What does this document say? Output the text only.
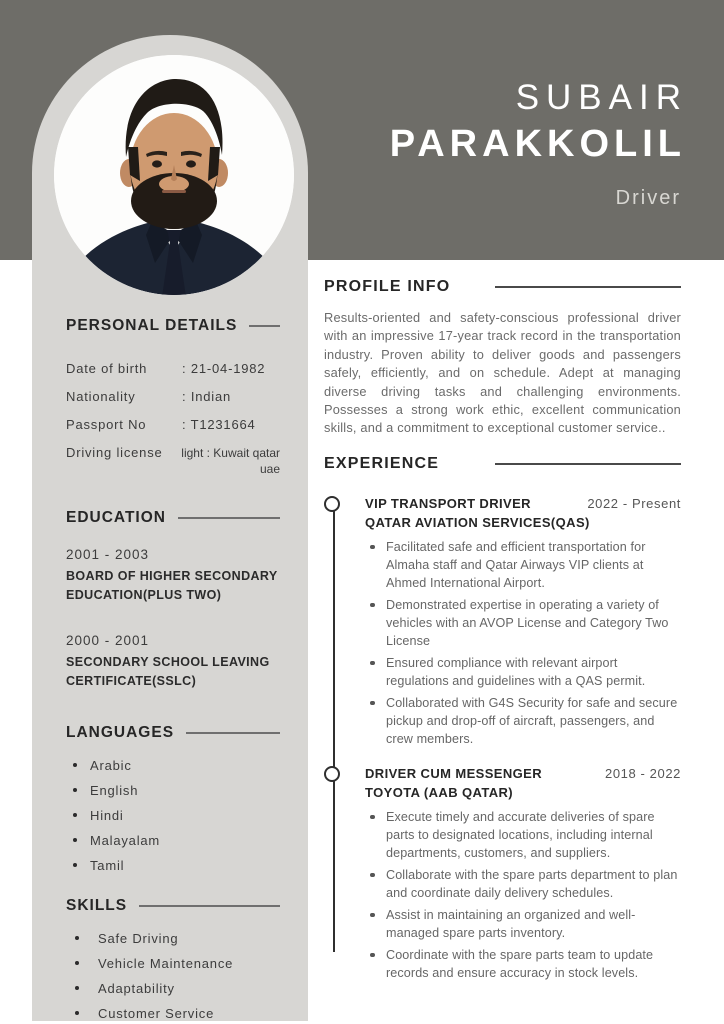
SUBAIR
PARAKKOLIL
Driver
PERSONAL DETAILS
Date of birth	: 21-04-1982
Nationality	: Indian
Passport No	: T1231664
Driving license	light : Kuwait qatar uae
EDUCATION
2001 - 2003
BOARD OF HIGHER SECONDARY EDUCATION(PLUS TWO)
2000 - 2001
SECONDARY SCHOOL LEAVING CERTIFICATE(SSLC)
LANGUAGES
Arabic
English
Hindi
Malayalam
Tamil
SKILLS
Safe Driving
Vehicle Maintenance
Adaptability
Customer Service
PROFILE INFO

Results-oriented and safety-conscious professional driver with an impressive 17-year track record in the transportation industry. Proven ability to deliver goods and passengers safely, efficiently, and on schedule. Adept at managing diverse driving tasks and challenging environments. Possesses a strong work ethic, excellent communication skills, and a commitment to exceptional customer service..

EXPERIENCE
VIP TRANSPORT DRIVER	2022 - Present
QATAR AVIATION SERVICES(QAS)
Facilitated safe and efficient transportation for Almaha staff and Qatar Airways VIP clients at Ahmed International Airport.
Demonstrated expertise in operating a variety of vehicles with an AVOP License and Category Two License
Ensured compliance with relevant airport regulations and guidelines with a QAS permit.
Collaborated with G4S Security for safe and secure pickup and drop-off of aircraft, passengers, and crew members.
DRIVER CUM MESSENGER	2018 - 2022
TOYOTA (AAB QATAR)
Execute timely and accurate deliveries of spare parts to designated locations, including internal departments, customers, and suppliers.
Collaborate with the spare parts department to plan and coordinate daily delivery schedules.
Assist in maintaining an organized and well-managed spare parts inventory.
Coordinate with the spare parts team to update records and ensure accuracy in stock levels.
